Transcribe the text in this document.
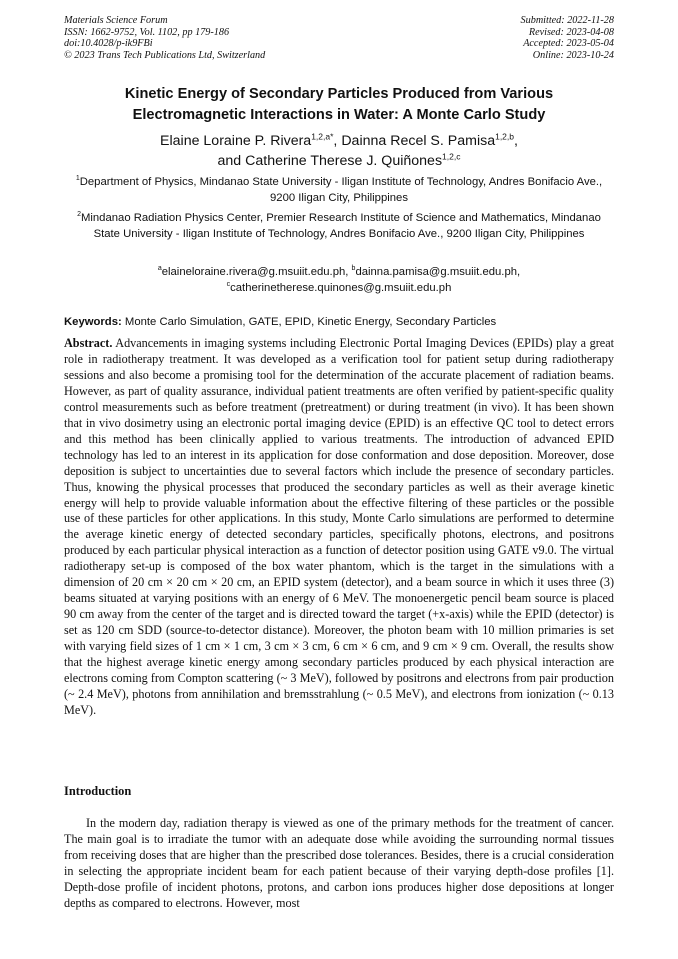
Materials Science Forum
ISSN: 1662-9752, Vol. 1102, pp 179-186
doi:10.4028/p-ik9FBi
© 2023 Trans Tech Publications Ltd, Switzerland
Submitted: 2022-11-28
Revised: 2023-04-08
Accepted: 2023-05-04
Online: 2023-10-24
Kinetic Energy of Secondary Particles Produced from Various
Electromagnetic Interactions in Water: A Monte Carlo Study
Elaine Loraine P. Rivera$^{1,2,a*}$, Dainna Recel S. Pamisa$^{1,2,b}$,
and Catherine Therese J. Quiñones$^{1,2,c}$
$^1$Department of Physics, Mindanao State University - Iligan Institute of Technology, Andres Bonifacio Ave., 9200 Iligan City, Philippines
$^2$Mindanao Radiation Physics Center, Premier Research Institute of Science and Mathematics, Mindanao State University - Iligan Institute of Technology, Andres Bonifacio Ave., 9200 Iligan City, Philippines
$^a$elaineloraine.rivera@g.msuiit.edu.ph, $^b$dainna.pamisa@g.msuiit.edu.ph,
$^c$catherinetherese.quinones@g.msuiit.edu.ph
Keywords: Monte Carlo Simulation, GATE, EPID, Kinetic Energy, Secondary Particles
Abstract. Advancements in imaging systems including Electronic Portal Imaging Devices (EPIDs) play a great role in radiotherapy treatment. It was developed as a verification tool for patient setup during radiotherapy sessions and also become a promising tool for the determination of the accurate placement of radiation beams. However, as part of quality assurance, individual patient treatments are often verified by patient-specific quality control measurements such as before treatment (pretreatment) or during treatment (in vivo). It has been shown that in vivo dosimetry using an electronic portal imaging device (EPID) is an effective QC tool to detect errors and this method has been clinically applied to various treatments. The introduction of advanced EPID technology has led to an interest in its application for dose conformation and dose deposition. Moreover, dose deposition is subject to uncertainties due to several factors which include the presence of secondary particles. Thus, knowing the physical processes that produced the secondary particles as well as their average kinetic energy will help to provide valuable information about the effective filtering of these particles or the possible use of these particles for other applications. In this study, Monte Carlo simulations are performed to determine the average kinetic energy of detected secondary particles, specifically photons, electrons, and positrons produced by each particular physical interaction as a function of detector position using GATE v9.0. The virtual radiotherapy set-up is composed of the box water phantom, which is the target in the simulations with a dimension of 20 cm × 20 cm × 20 cm, an EPID system (detector), and a beam source in which it uses three (3) beams situated at varying positions with an energy of 6 MeV. The monoenergetic pencil beam source is placed 90 cm away from the center of the target and is directed toward the target (+x-axis) while the EPID (detector) is set as 120 cm SDD (source-to-detector distance). Moreover, the photon beam with 10 million primaries is set with varying field sizes of 1 cm × 1 cm, 3 cm × 3 cm, 6 cm × 6 cm, and 9 cm × 9 cm. Overall, the results show that the highest average kinetic energy among secondary particles produced by each physical interaction are electrons coming from Compton scattering (~ 3 MeV), followed by positrons and electrons from pair production (~ 2.4 MeV), photons from annihilation and bremsstrahlung (~ 0.5 MeV), and electrons from ionization (~ 0.13 MeV).
Introduction
In the modern day, radiation therapy is viewed as one of the primary methods for the treatment of cancer. The main goal is to irradiate the tumor with an adequate dose while avoiding the surrounding normal tissues from receiving doses that are higher than the prescribed dose tolerances. Besides, there is a crucial consideration in selecting the appropriate incident beam for each patient because of their varying depth-dose profiles [1]. Depth-dose profile of incident photons, protons, and carbon ions produces higher dose depositions at longer depths as compared to electrons. However, most
